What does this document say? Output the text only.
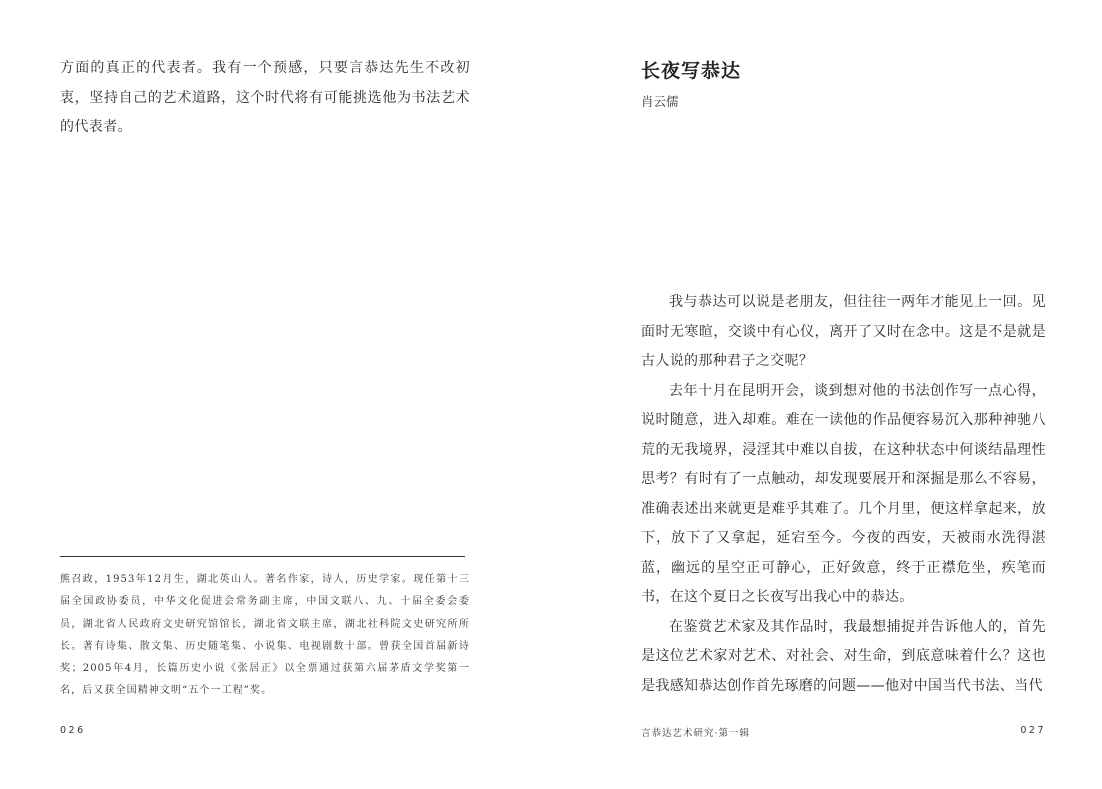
方面的真正的代表者。我有一个预感，只要言恭达先生不改初衷，坚持自己的艺术道路，这个时代将有可能挑选他为书法艺术的代表者。

熊召政，1953年12月生，湖北英山人。著名作家，诗人，历史学家。现任第十三届全国政协委员，中华文化促进会常务副主席，中国文联八、九、十届全委会委员，湖北省人民政府文史研究馆馆长，湖北省文联主席，湖北社科院文史研究所所长。著有诗集、散文集、历史随笔集、小说集、电视剧数十部。曾获全国首届新诗奖；2005年4月，长篇历史小说《张居正》以全票通过获第六届茅盾文学奖第一名，后又获全国精神文明“五个一工程”奖。

026
长夜写恭达

肖云儒

我与恭达可以说是老朋友，但往往一两年才能见上一回。见面时无寒暄，交谈中有心仪，离开了又时在念中。这是不是就是古人说的那种君子之交呢？

去年十月在昆明开会，谈到想对他的书法创作写一点心得，说时随意，进入却难。难在一读他的作品便容易沉入那种神驰八荒的无我境界，浸淫其中难以自拔，在这种状态中何谈结晶理性思考？有时有了一点触动，却发现要展开和深掘是那么不容易，准确表述出来就更是难乎其难了。几个月里，便这样拿起来，放下，放下了又拿起，延宕至今。今夜的西安，天被雨水洗得湛蓝，幽远的星空正可静心，正好敛意，终于正襟危坐，疾笔而书，在这个夏日之长夜写出我心中的恭达。

在鉴赏艺术家及其作品时，我最想捕捉并告诉他人的，首先是这位艺术家对艺术、对社会、对生命，到底意味着什么？这也是我感知恭达创作首先琢磨的问题——他对中国当代书法、当代

言恭达艺术研究·第一辑	027
